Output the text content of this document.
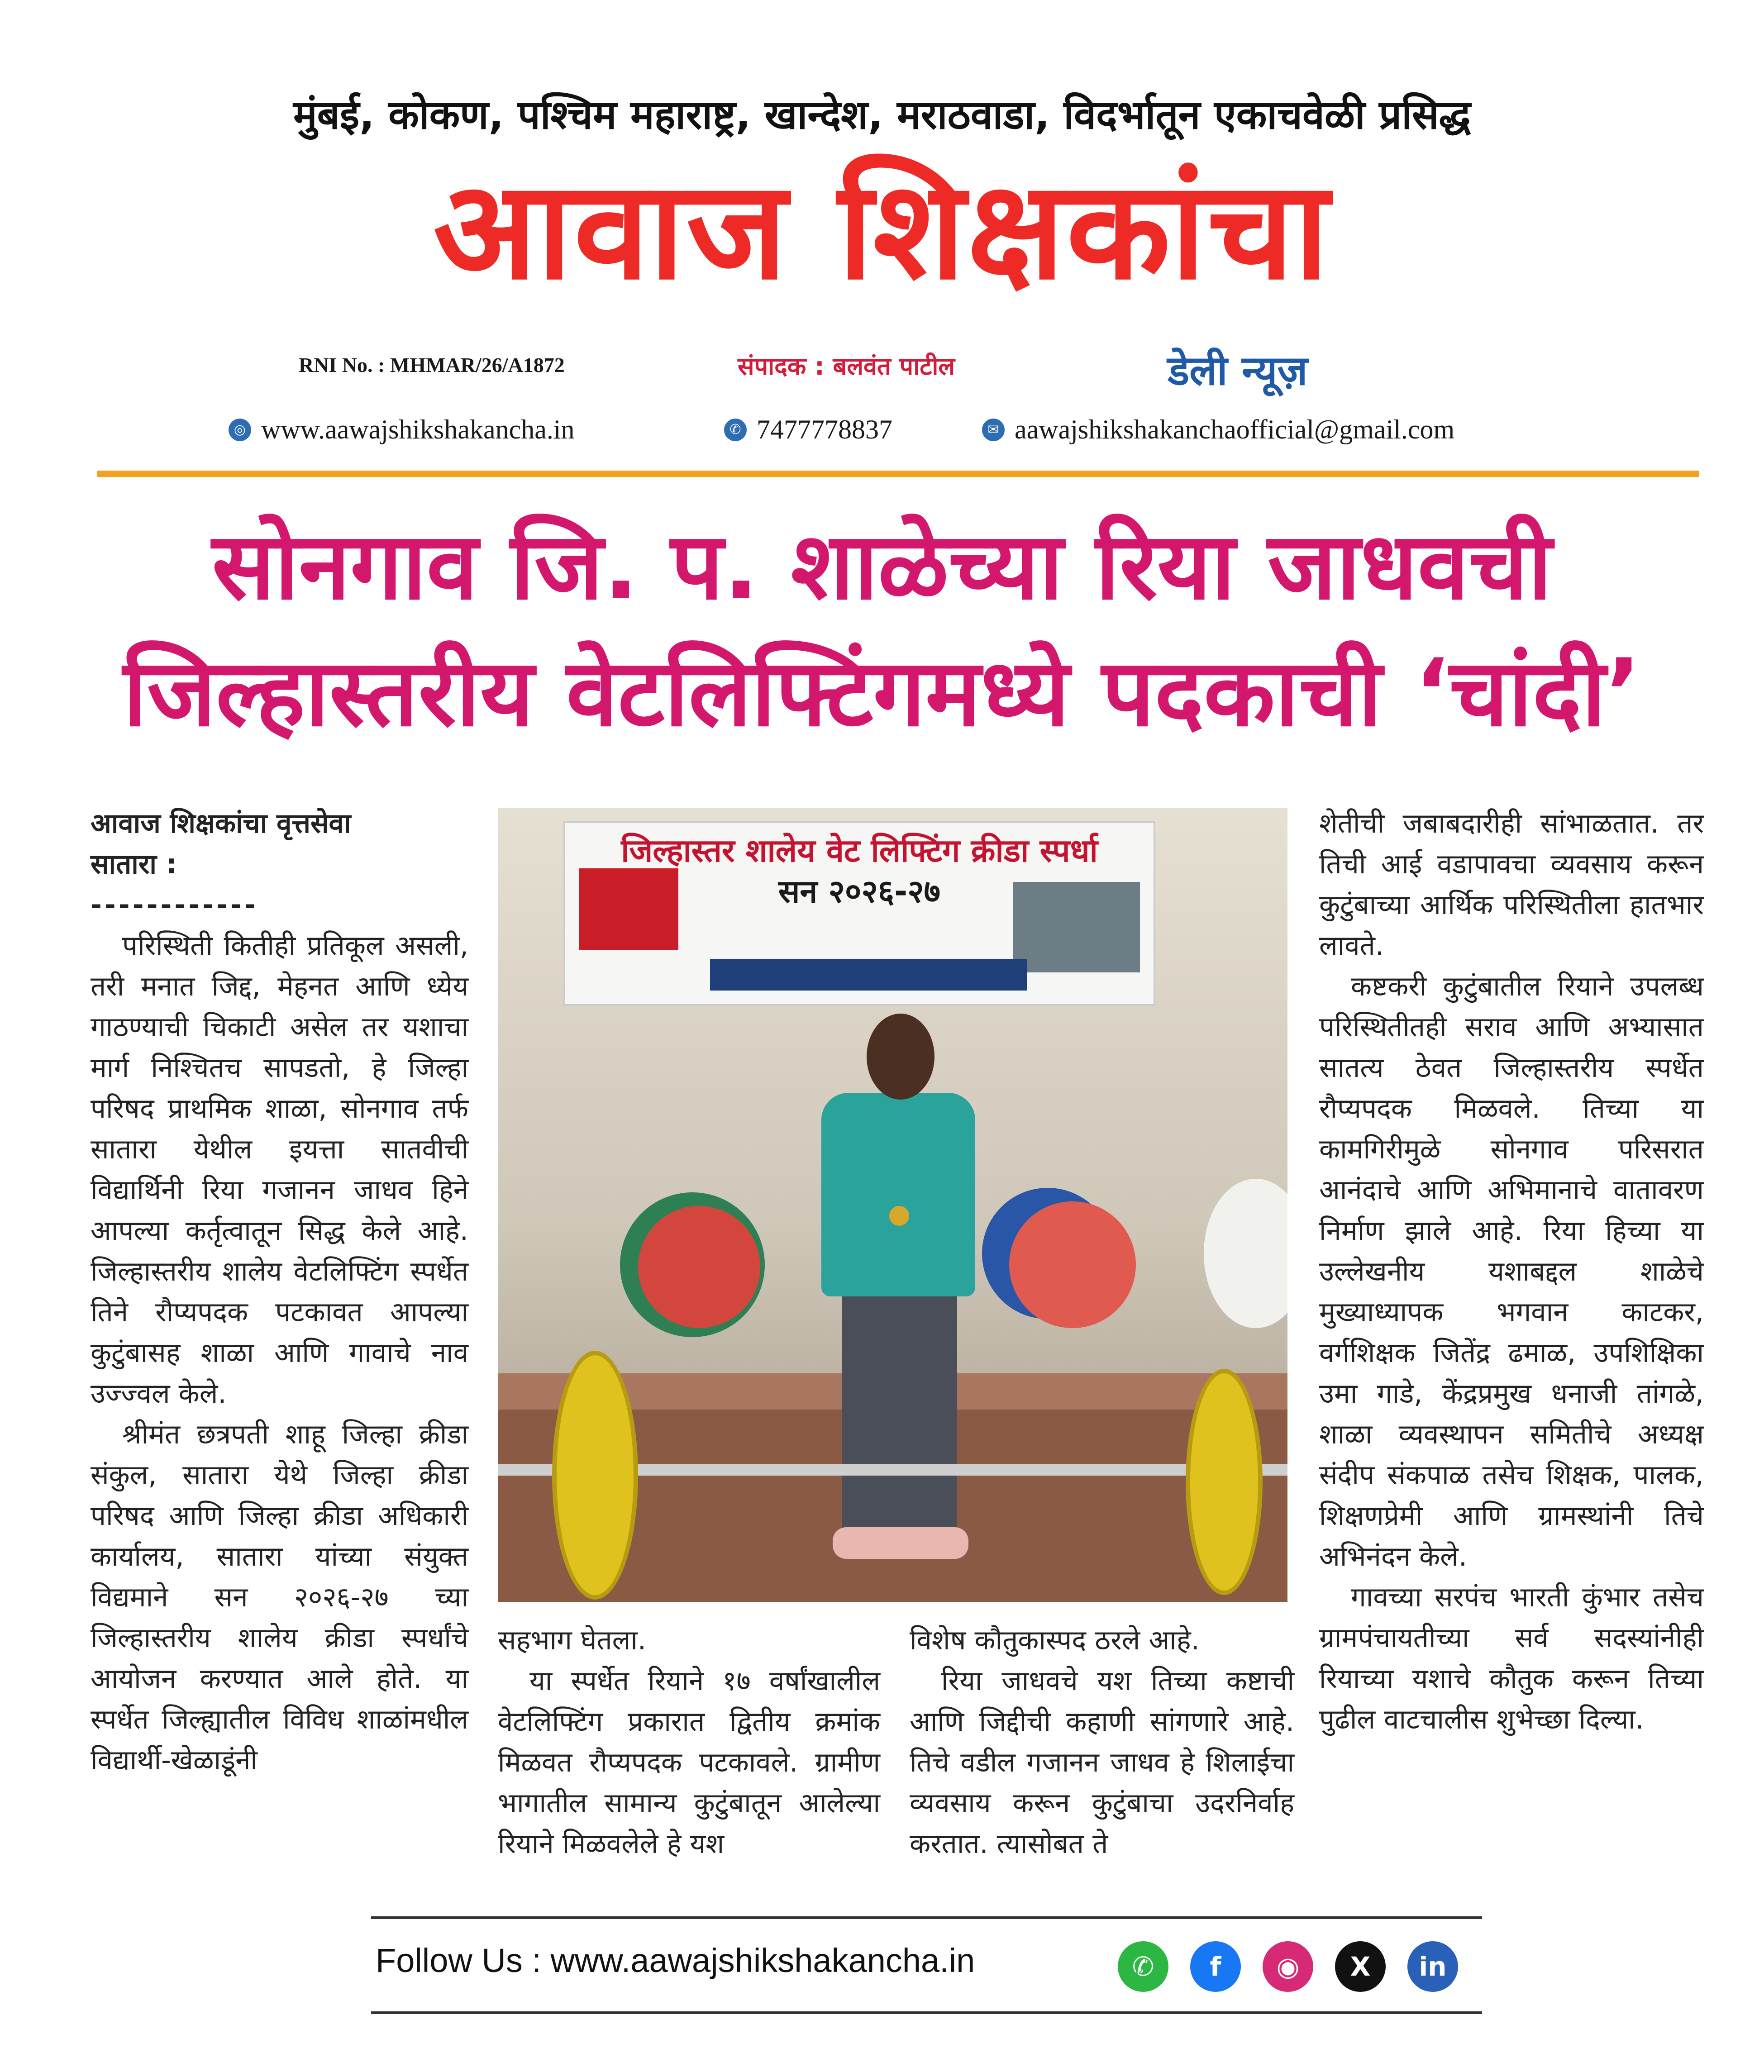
मुंबई, कोकण, पश्चिम महाराष्ट्र, खान्देश, मराठवाडा, विदर्भातून एकाचवेळी प्रसिद्ध
आवाज शिक्षकांचा
RNI No. : MHMAR/26/A1872	संपादक : बलवंत पाटील	डेली न्यूज़
◎ www.aawajshikshakancha.in	✆ 7477778837	✉ aawajshikshakanchaofficial@gmail.com
सोनगाव जि. प. शाळेच्या रिया जाधवची
जिल्हास्तरीय वेटलिफ्टिंगमध्ये पदकाची ‘चांदी’

आवाज शिक्षकांचा वृत्तसेवा

सातारा :

------------

परिस्थिती कितीही प्रतिकूल असली, तरी मनात जिद्द, मेहनत आणि ध्येय गाठण्याची चिकाटी असेल तर यशाचा मार्ग निश्चितच सापडतो, हे जिल्हा परिषद प्राथमिक शाळा, सोनगाव तर्फ सातारा येथील इयत्ता सातवीची विद्यार्थिनी रिया गजानन जाधव हिने आपल्या कर्तृत्वातून सिद्ध केले आहे. जिल्हास्तरीय शालेय वेटलिफ्टिंग स्पर्धेत तिने रौप्यपदक पटकावत आपल्या कुटुंबासह शाळा आणि गावाचे नाव उज्ज्वल केले.

श्रीमंत छत्रपती शाहू जिल्हा क्रीडा संकुल, सातारा येथे जिल्हा क्रीडा परिषद आणि जिल्हा क्रीडा अधिकारी कार्यालय, सातारा यांच्या संयुक्त विद्यमाने सन २०२६-२७ च्या जिल्हास्तरीय शालेय क्रीडा स्पर्धांचे आयोजन करण्यात आले होते. या स्पर्धेत जिल्ह्यातील विविध शाळांमधील विद्यार्थी-खेळाडूंनी

जिल्हास्तर शालेय वेट लिफ्टिंग क्रीडा स्पर्धा
सन २०२६-२७

सहभाग घेतला.

या स्पर्धेत रियाने १७ वर्षांखालील वेटलिफ्टिंग प्रकारात द्वितीय क्रमांक मिळवत रौप्यपदक पटकावले. ग्रामीण भागातील सामान्य कुटुंबातून आलेल्या रियाने मिळवलेले हे यश

विशेष कौतुकास्पद ठरले आहे.

रिया जाधवचे यश तिच्या कष्टाची आणि जिद्दीची कहाणी सांगणारे आहे. तिचे वडील गजानन जाधव हे शिलाईचा व्यवसाय करून कुटुंबाचा उदरनिर्वाह करतात. त्यासोबत ते

शेतीची जबाबदारीही सांभाळतात. तर तिची आई वडापावचा व्यवसाय करून कुटुंबाच्या आर्थिक परिस्थितीला हातभार लावते.

कष्टकरी कुटुंबातील रियाने उपलब्ध परिस्थितीतही सराव आणि अभ्यासात सातत्य ठेवत जिल्हास्तरीय स्पर्धेत रौप्यपदक मिळवले. तिच्या या कामगिरीमुळे सोनगाव परिसरात आनंदाचे आणि अभिमानाचे वातावरण निर्माण झाले आहे. रिया हिच्या या उल्लेखनीय यशाबद्दल शाळेचे मुख्याध्यापक भगवान काटकर, वर्गशिक्षक जितेंद्र ढमाळ, उपशिक्षिका उमा गाडे, केंद्रप्रमुख धनाजी तांगळे, शाळा व्यवस्थापन समितीचे अध्यक्ष संदीप संकपाळ तसेच शिक्षक, पालक, शिक्षणप्रेमी आणि ग्रामस्थांनी तिचे अभिनंदन केले.

गावच्या सरपंच भारती कुंभार तसेच ग्रामपंचायतीच्या सर्व सदस्यांनीही रियाच्या यशाचे कौतुक करून तिच्या पुढील वाटचालीस शुभेच्छा दिल्या.

Follow Us : www.aawajshikshakancha.in	✆	f	◉	X	in
